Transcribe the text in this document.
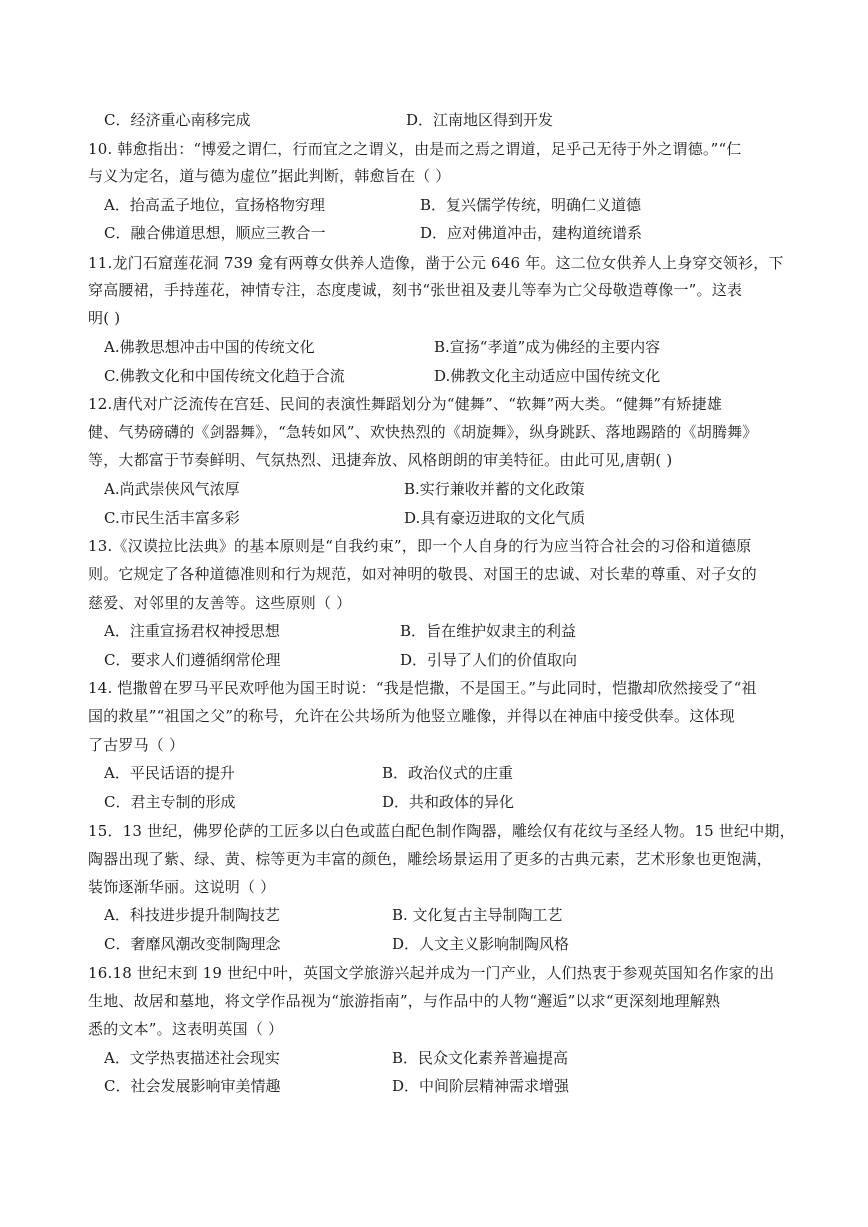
C．经济重心南移完成	D．江南地区得到开发
10. 韩愈指出：“博爱之谓仁，行而宜之之谓义，由是而之焉之谓道，足乎己无待于外之谓德。”“仁
与义为定名，道与德为虚位”据此判断，韩愈旨在（ ）
A．抬高孟子地位，宣扬格物穷理	B．复兴儒学传统，明确仁义道德
C．融合佛道思想，顺应三教合一	D．应对佛道冲击，建构道统谱系
11.龙门石窟莲花洞 739 龛有两尊女供养人造像，凿于公元 646 年。这二位女供养人上身穿交领衫，下
穿高腰裙，手持莲花，神情专注，态度虔诚，刻书“张世祖及妻儿等奉为亡父母敬造尊像一”。这表
明( )
A.佛教思想冲击中国的传统文化	B.宣扬“孝道”成为佛经的主要内容
C.佛教文化和中国传统文化趋于合流	D.佛教文化主动适应中国传统文化
12.唐代对广泛流传在宫廷、民间的表演性舞蹈划分为“健舞”、“软舞”两大类。“健舞”有矫捷雄
健、气势磅礴的《剑器舞》，“急转如风”、欢快热烈的《胡旋舞》，纵身跳跃、落地踢踏的《胡腾舞》
等，大都富于节奏鲜明、气氛热烈、迅捷奔放、风格朗朗的审美特征。由此可见,唐朝( )
A.尚武崇侠风气浓厚	B.实行兼收并蓄的文化政策
C.市民生活丰富多彩	D.具有豪迈进取的文化气质
13.《汉谟拉比法典》的基本原则是“自我约束”，即一个人自身的行为应当符合社会的习俗和道德原
则。它规定了各种道德准则和行为规范，如对神明的敬畏、对国王的忠诚、对长辈的尊重、对子女的
慈爱、对邻里的友善等。这些原则（ ）
A．注重宣扬君权神授思想	B．旨在维护奴隶主的利益
C．要求人们遵循纲常伦理	D．引导了人们的价值取向
14. 恺撒曾在罗马平民欢呼他为国王时说：“我是恺撒，不是国王。”与此同时，恺撒却欣然接受了“祖
国的救星”“祖国之父”的称号，允许在公共场所为他竖立雕像，并得以在神庙中接受供奉。这体现
了古罗马（ ）
A．平民话语的提升	B．政治仪式的庄重
C．君主专制的形成	D．共和政体的异化
15．13 世纪，佛罗伦萨的工匠多以白色或蓝白配色制作陶器，雕绘仅有花纹与圣经人物。15 世纪中期，
陶器出现了紫、绿、黄、棕等更为丰富的颜色，雕绘场景运用了更多的古典元素，艺术形象也更饱满，
装饰逐渐华丽。这说明（ ）
A．科技进步提升制陶技艺	B. 文化复古主导制陶工艺
C．奢靡风潮改变制陶理念	D．人文主义影响制陶风格
16.18 世纪末到 19 世纪中叶，英国文学旅游兴起并成为一门产业，人们热衷于参观英国知名作家的出
生地、故居和墓地，将文学作品视为“旅游指南”，与作品中的人物“邂逅”以求“更深刻地理解熟
悉的文本”。这表明英国（ ）
A．文学热衷描述社会现实	B．民众文化素养普遍提高
C．社会发展影响审美情趣	D．中间阶层精神需求增强
